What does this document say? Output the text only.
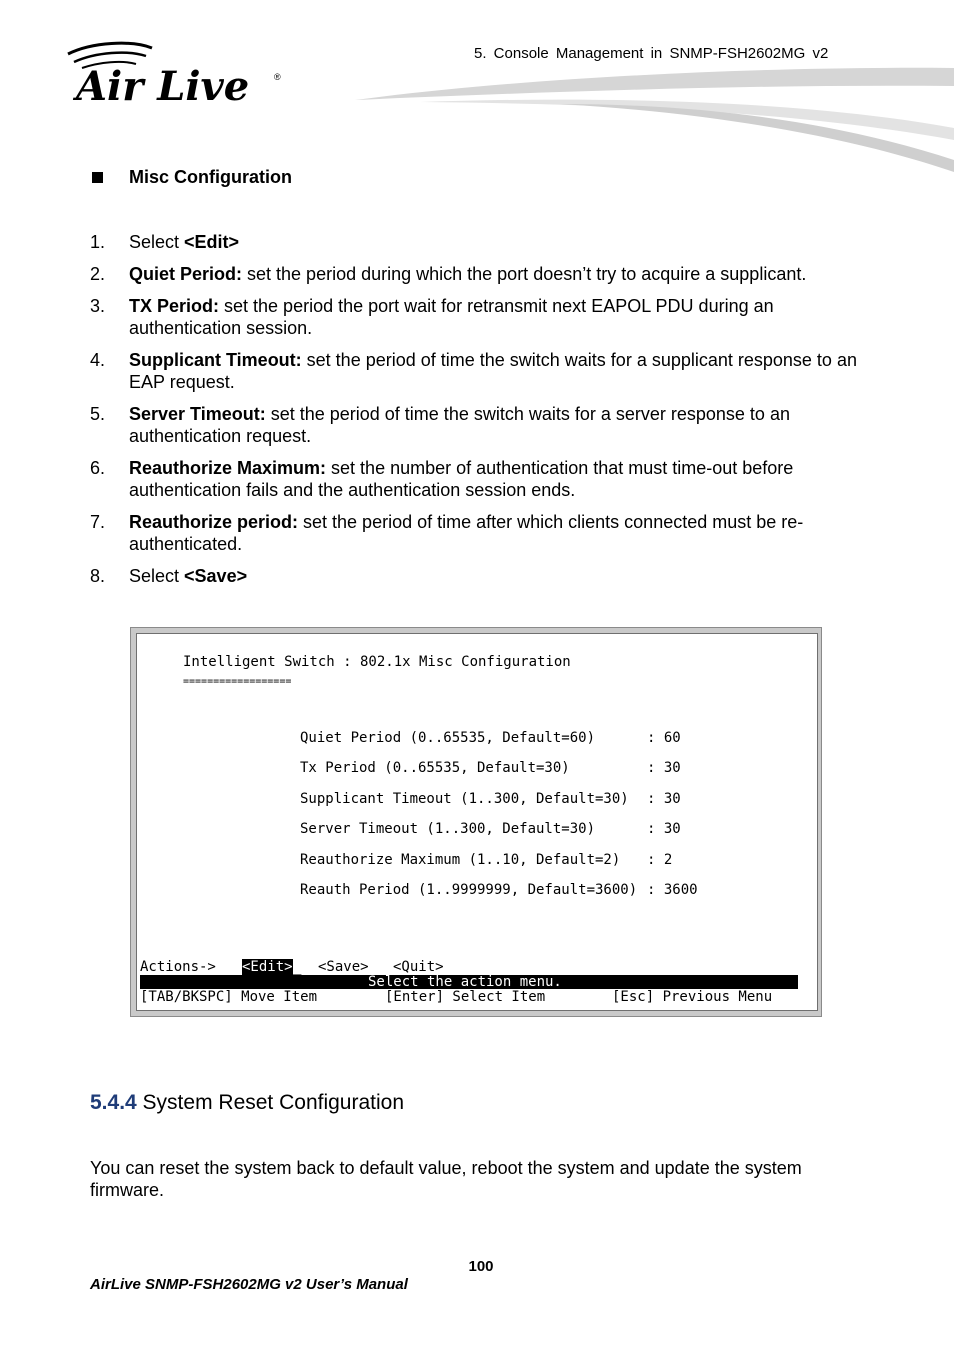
5. Console Management in SNMP-FSH2602MG v2
Air Live	®
Misc Configuration
1. Select <Edit>
2. Quiet Period: set the period during which the port doesn’t try to acquire a supplicant.
3. TX Period: set the period the port wait for retransmit next EAPOL PDU during an authentication session.
4. Supplicant Timeout: set the period of time the switch waits for a supplicant response to an EAP request.
5. Server Timeout: set the period of time the switch waits for a server response to an authentication request.
6. Reauthorize Maximum: set the number of authentication that must time-out before authentication fails and the authentication session ends.
7. Reauthorize period: set the period of time after which clients connected must be re-authenticated.
8. Select <Save>
Intelligent Switch : 802.1x Misc Configuration
==================
Quiet Period (0..65535, Default=60)	: 60
Tx Period (0..65535, Default=30)	: 30
Supplicant Timeout (1..300, Default=30) : 30
Server Timeout (1..300, Default=30)	: 30
Reauthorize Maximum (1..10, Default=2) : 2
Reauth Period (1..9999999, Default=3600) : 3600
Actions-> <Edit> _ <Save> <Quit>
Select the action menu.

[TAB/BKSPC] Move Item

	[Enter] Select Item

	[Esc] Previous Menu

5.4.4 System Reset Configuration
You can reset the system back to default value, reboot the system and update the system firmware.
100
AirLive SNMP-FSH2602MG v2 User’s Manual
